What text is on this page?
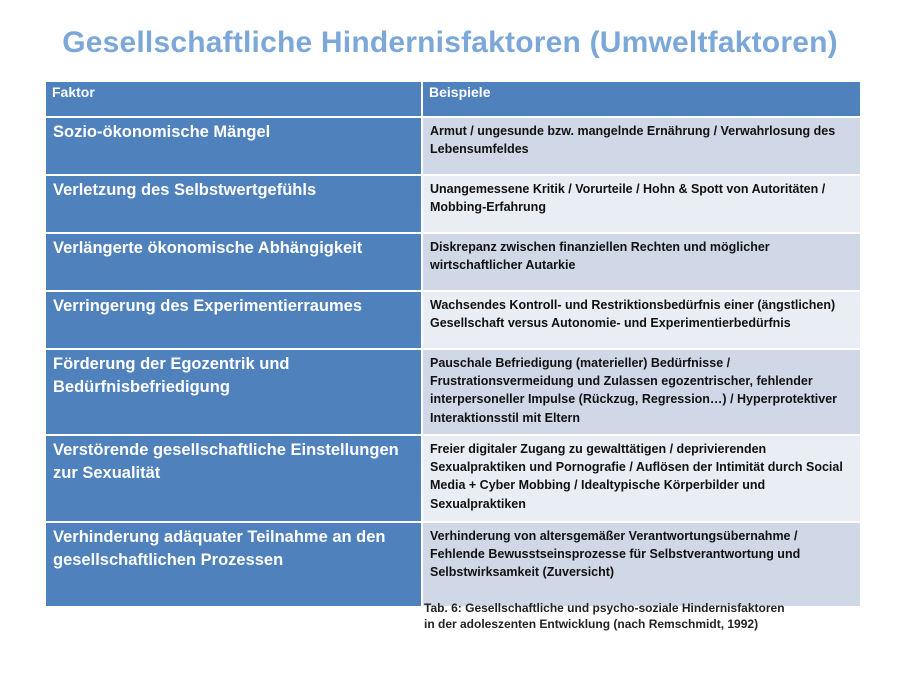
Gesellschaftliche Hindernisfaktoren (Umweltfaktoren)
Faktor	Beispiele
Sozio-ökonomische Mängel	Armut / ungesunde bzw. mangelnde Ernährung / Verwahrlosung des Lebensumfeldes
Verletzung des Selbstwertgefühls	Unangemessene Kritik / Vorurteile / Hohn & Spott von Autoritäten / Mobbing-Erfahrung
Verlängerte ökonomische Abhängigkeit	Diskrepanz zwischen finanziellen Rechten und möglicher wirtschaftlicher Autarkie
Verringerung des Experimentierraumes	Wachsendes Kontroll- und Restriktionsbedürfnis einer (ängstlichen) Gesellschaft versus Autonomie- und Experimentierbedürfnis
Förderung der Egozentrik und Bedürfnisbefriedigung	Pauschale Befriedigung (materieller) Bedürfnisse / Frustrationsvermeidung und Zulassen egozentrischer, fehlender interpersoneller Impulse (Rückzug, Regression…) / Hyperprotektiver Interaktionsstil mit Eltern
Verstörende gesellschaftliche Einstellungen zur Sexualität	Freier digitaler Zugang zu gewalttätigen / deprivierenden Sexualpraktiken und Pornografie / Auflösen der Intimität durch Social Media + Cyber Mobbing / Idealtypische Körperbilder und Sexualpraktiken
Verhinderung adäquater Teilnahme an den gesellschaftlichen Prozessen	Verhinderung von altersgemäßer Verantwortungsübernahme / Fehlende Bewusstseinsprozesse für Selbstverantwortung und Selbstwirksamkeit (Zuversicht)
Tab. 6: Gesellschaftliche und psycho-soziale Hindernisfaktoren
in der adoleszenten Entwicklung (nach Remschmidt, 1992)
